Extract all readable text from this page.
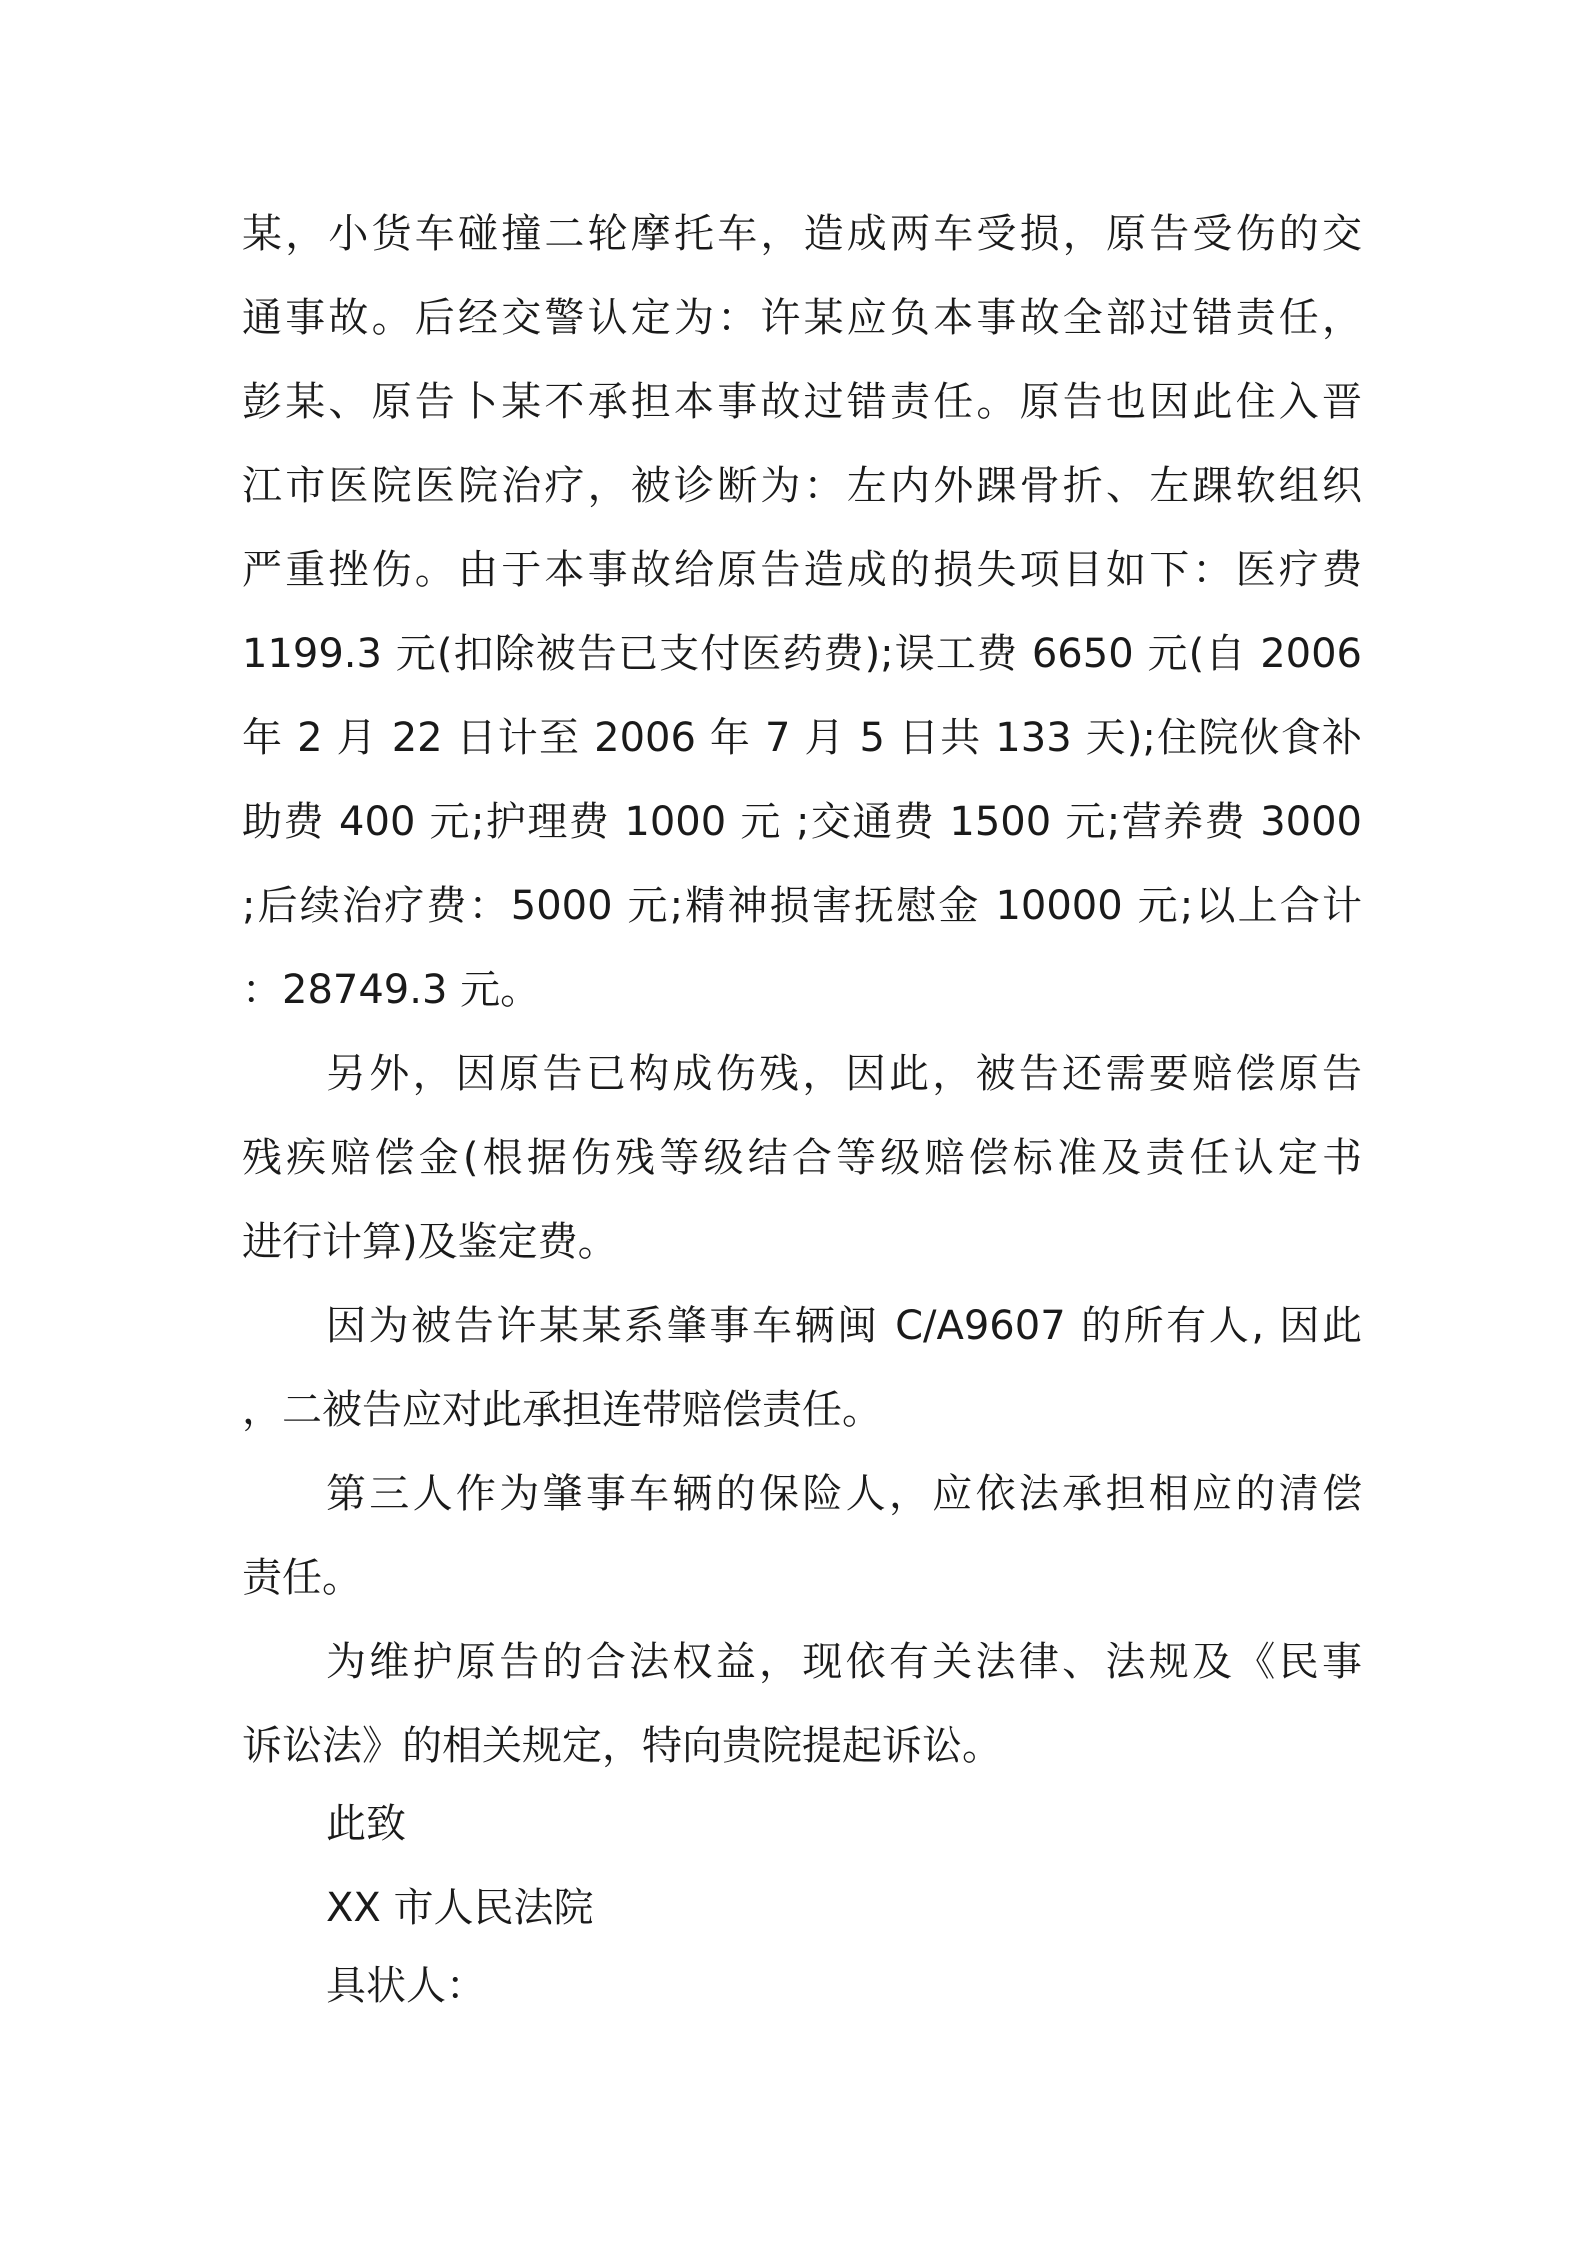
某，小货车碰撞二轮摩托车，造成两车受损，原告受伤的交
通事故。后经交警认定为：许某应负本事故全部过错责任，
彭某、原告卜某不承担本事故过错责任。原告也因此住入晋
江市医院医院治疗，被诊断为：左内外踝骨折、左踝软组织
严重挫伤。由于本事故给原告造成的损失项目如下：医疗费
1199.3 元(扣除被告已支付医药费);误工费 6650 元(自 2006
年 2 月 22 日计至 2006 年 7 月 5 日共 133 天);住院伙食补
助费 400 元;护理费 1000 元 ;交通费 1500 元;营养费 3000
;后续治疗费：5000 元;精神损害抚慰金 10000 元;以上合计
：28749.3 元。
另外，因原告已构成伤残，因此，被告还需要赔偿原告
残疾赔偿金(根据伤残等级结合等级赔偿标准及责任认定书
进行计算)及鉴定费。
因为被告许某某系肇事车辆闽 C/A9607 的所有人, 因此
，二被告应对此承担连带赔偿责任。
第三人作为肇事车辆的保险人，应依法承担相应的清偿
责任。
为维护原告的合法权益，现依有关法律、法规及《民事
诉讼法》的相关规定，特向贵院提起诉讼。
此致
XX 市人民法院
具状人：
